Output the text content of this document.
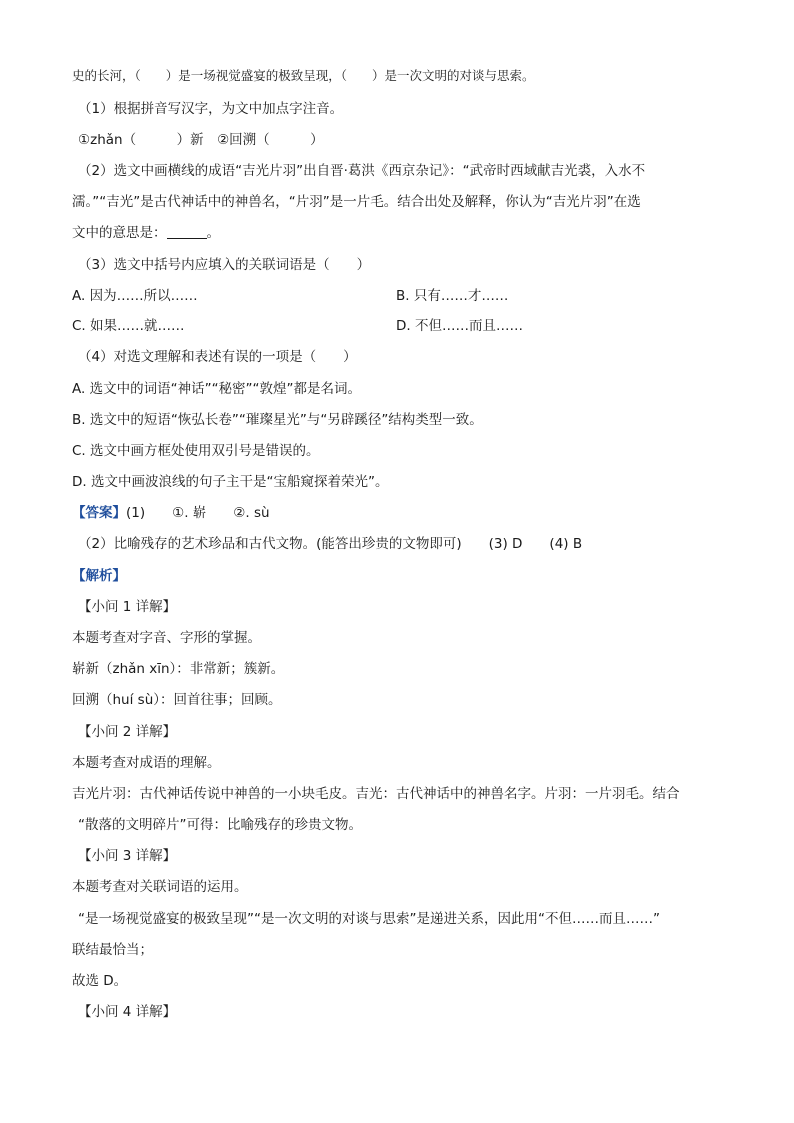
史的长河，（　　）是一场视觉盛宴的极致呈现，（　　）是一次文明的对谈与思索。
（1）根据拼音写汉字，为文中加点字注音。
①zhǎn（　　　）新　②回溯（　　　）
（2）选文中画横线的成语“吉光片羽”出自晋·葛洪《西京杂记》：“武帝时西域献吉光裘，入水不
濡。”“吉光”是古代神话中的神兽名，“片羽”是一片毛。结合出处及解释，你认为“吉光片羽”在选
文中的意思是：	。
（3）选文中括号内应填入的关联词语是（　　）
A. 因为……所以……	B. 只有……才……
C. 如果……就……	D. 不但……而且……
（4）对选文理解和表述有误的一项是（　　）
A. 选文中的词语“神话”“秘密”“敦煌”都是名词。
B. 选文中的短语“恢弘长卷”“璀璨星光”与“另辟蹊径”结构类型一致。
C. 选文中画方框处使用双引号是错误的。
D. 选文中画波浪线的句子主干是“宝船窥探着荣光”。
【答案】(1)　　①. 崭　　②. sù
（2）比喻残存的艺术珍品和古代文物。(能答出珍贵的文物即可)　　(3) D　　(4) B
【解析】
【小问 1 详解】
本题考查对字音、字形的掌握。
崭新（zhǎn xīn）：非常新；簇新。
回溯（huí sù）：回首往事；回顾。
【小问 2 详解】
本题考查对成语的理解。
吉光片羽：古代神话传说中神兽的一小块毛皮。吉光：古代神话中的神兽名字。片羽：一片羽毛。结合
“散落的文明碎片”可得：比喻残存的珍贵文物。
【小问 3 详解】
本题考查对关联词语的运用。
“是一场视觉盛宴的极致呈现”“是一次文明的对谈与思索”是递进关系，因此用“不但……而且……”
联结最恰当；
故选 D。
【小问 4 详解】
